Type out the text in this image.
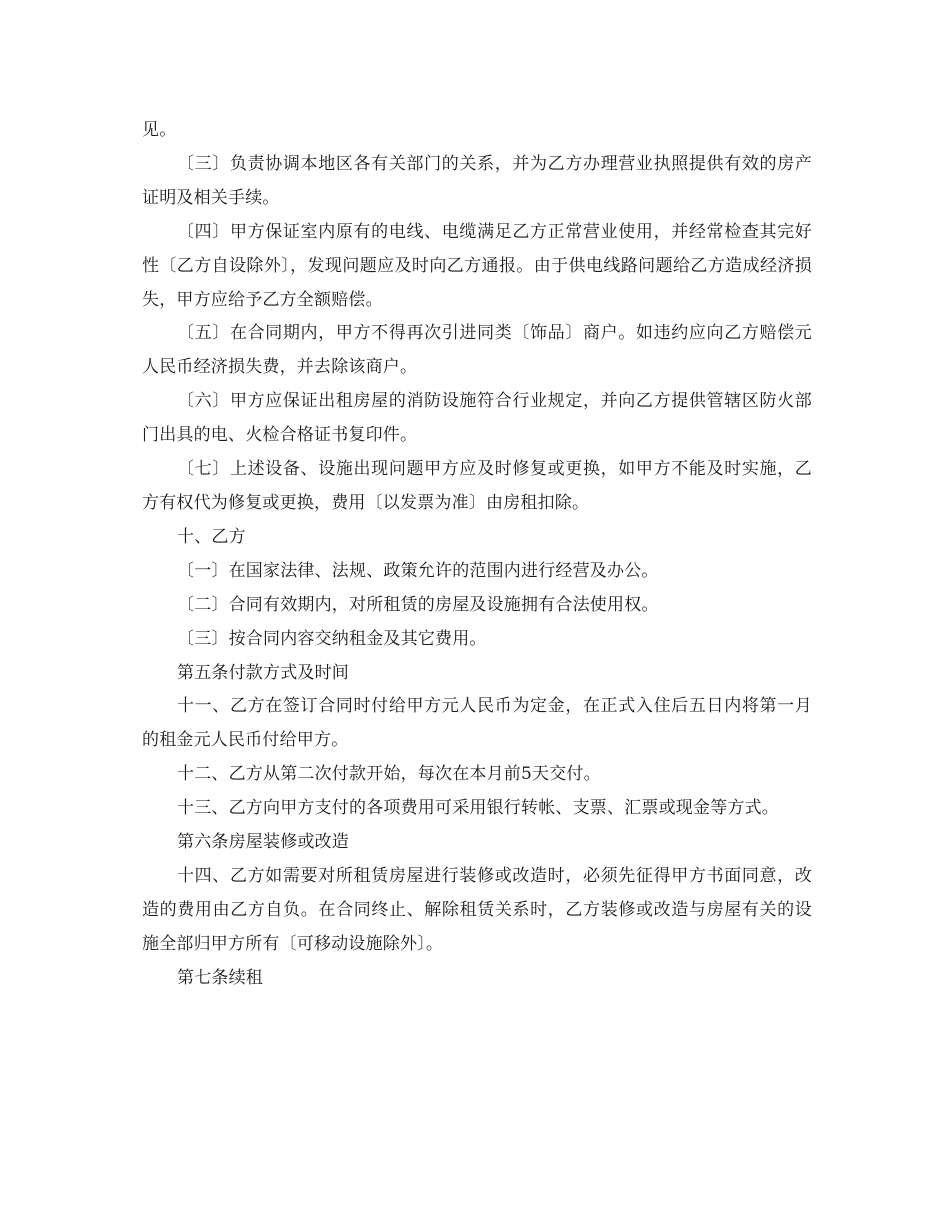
见。

〔三〕负责协调本地区各有关部门的关系，并为乙方办理营业执照提供有效的房产证明及相关手续。

〔四〕甲方保证室内原有的电线、电缆满足乙方正常营业使用，并经常检查其完好性〔乙方自设除外〕，发现问题应及时向乙方通报。由于供电线路问题给乙方造成经济损失，甲方应给予乙方全额赔偿。

〔五〕在合同期内，甲方不得再次引进同类〔饰品〕商户。如违约应向乙方赔偿元人民币经济损失费，并去除该商户。

〔六〕甲方应保证出租房屋的消防设施符合行业规定，并向乙方提供管辖区防火部门出具的电、火检合格证书复印件。

〔七〕上述设备、设施出现问题甲方应及时修复或更换，如甲方不能及时实施，乙方有权代为修复或更换，费用〔以发票为准〕由房租扣除。

十、乙方

〔一〕在国家法律、法规、政策允许的范围内进行经营及办公。

〔二〕合同有效期内，对所租赁的房屋及设施拥有合法使用权。

〔三〕按合同内容交纳租金及其它费用。

第五条付款方式及时间

十一、乙方在签订合同时付给甲方元人民币为定金，在正式入住后五日内将第一月的租金元人民币付给甲方。

十二、乙方从第二次付款开始，每次在本月前5天交付。

十三、乙方向甲方支付的各项费用可采用银行转帐、支票、汇票或现金等方式。

第六条房屋装修或改造

十四、乙方如需要对所租赁房屋进行装修或改造时，必须先征得甲方书面同意，改造的费用由乙方自负。在合同终止、解除租赁关系时，乙方装修或改造与房屋有关的设施全部归甲方所有〔可移动设施除外〕。

第七条续租
